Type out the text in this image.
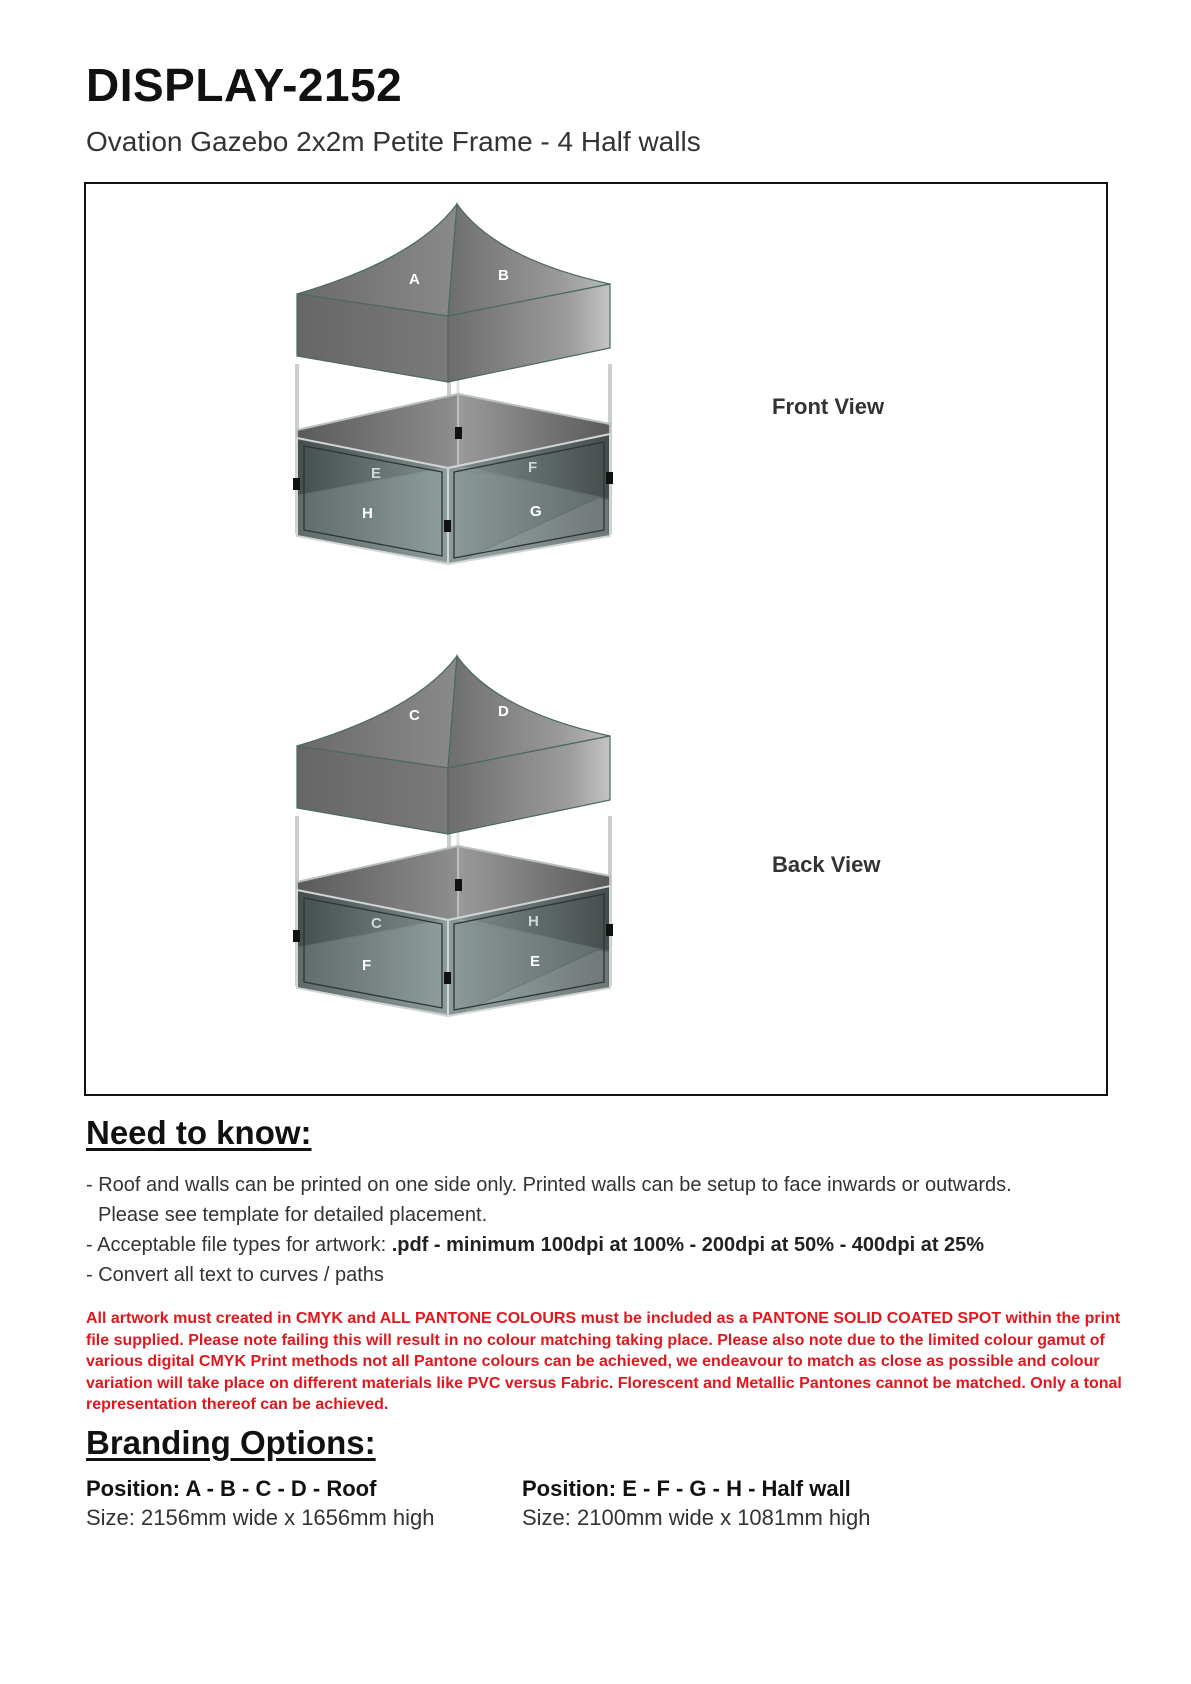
DISPLAY-2152
Ovation Gazebo 2x2m Petite Frame - 4 Half walls
A	B
E	F
H	G
C	D
C	H
F	E
Front View
Back View
Need to know:
- Roof and walls can be printed on one side only. Printed walls can be setup to face inwards or outwards.
Please see template for detailed placement.
- Acceptable file types for artwork: .pdf - minimum 100dpi at 100% - 200dpi at 50% - 400dpi at 25%
- Convert all text to curves / paths
All artwork must created in CMYK and ALL PANTONE COLOURS must be included as a PANTONE SOLID COATED SPOT within the print file supplied. Please note failing this will result in no colour matching taking place. Please also note due to the limited colour gamut of various digital CMYK Print methods not all Pantone colours can be achieved, we endeavour to match as close as possible and colour variation will take place on different materials like PVC versus Fabric. Florescent and Metallic Pantones cannot be matched. Only a tonal representation thereof can be achieved.
Branding Options:
Position: A - B - C - D - Roof
Size: 2156mm wide x 1656mm high
Position: E - F - G - H - Half wall
Size: 2100mm wide x 1081mm high
